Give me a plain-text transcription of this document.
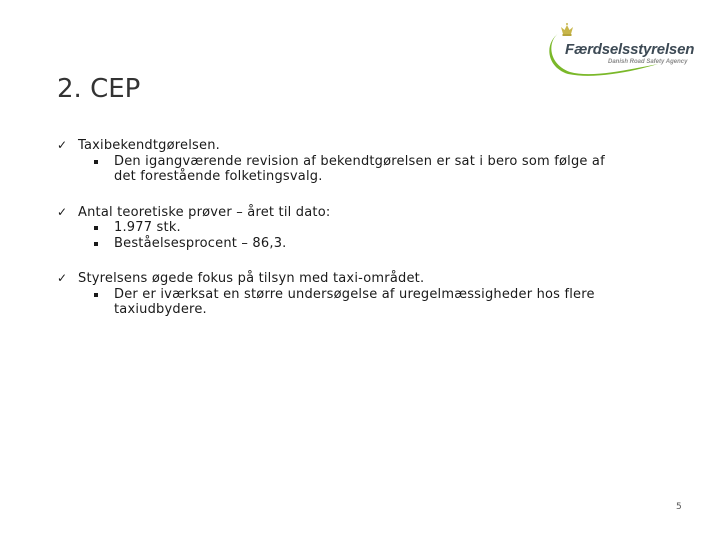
Færdselsstyrelsen
Danish Road Safety Agency
2. CEP
✓ Taxibekendtgørelsen.
Den igangværende revision af bekendtgørelsen er sat i bero som følge af det forestående folketingsvalg.
✓ Antal teoretiske prøver – året til dato:
1.977 stk.
Beståelsesprocent – 86,3.
✓ Styrelsens øgede fokus på tilsyn med taxi-området.
Der er iværksat en større undersøgelse af uregelmæssigheder hos flere taxiudbydere.
5
